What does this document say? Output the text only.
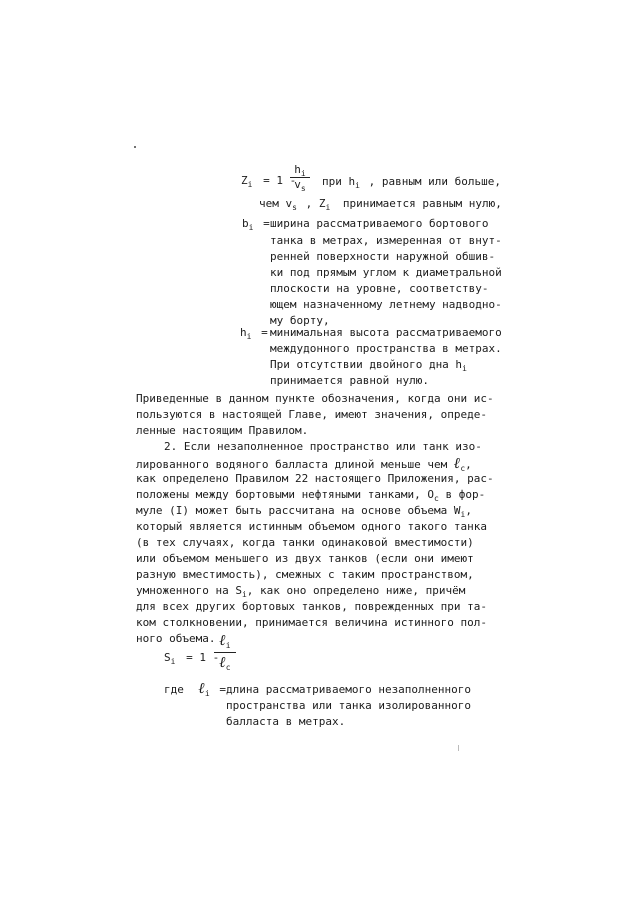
$Z_i = 1$ -
$h_i$
$v_s$
при $h_i$ , равным или больше,
чем $v_s$ , $Z_i$ принимается равным нулю,
$b_i$ = ширина рассматриваемого бортового
танка в метрах, измеренная от внут-
ренней поверхности наружной обшив-
ки под прямым углом к диаметральной
плоскости на уровне, соответству-
ющем назначенному летнему надводно-
му борту,
$h_i$ = минимальная высота рассматриваемого
междудонного пространства в метрах.
При отсутствии двойного дна $h_i$
принимается равной нулю.
Приведенные в данном пункте обозначения, когда они ис-
пользуются в настоящей Главе, имеют значения, опреде-
ленные настоящим Правилом.
2. Если незаполненное пространство или танк изо-
лированного водяного балласта длиной меньше чем ℓ$_c$,
как определено Правилом 22 настоящего Приложения, рас-
положены между бортовыми нефтяными танками, $O_c$ в фор-
муле (I) может быть рассчитана на основе объема $W_i$,
который является истинным объемом одного такого танка
(в тех случаях, когда танки одинаковой вместимости)
или объемом меньшего из двух танков (если они имеют
разную вместимость), смежных с таким пространством,
умноженного на $S_i$, как оно определено ниже, причём
для всех других бортовых танков, поврежденных при та-
ком столкновении, принимается величина истинного пол-
ного объема.
$S_i = 1$ -
ℓ$_i$
ℓ$_c$
где ℓ$_i$ = длина рассматриваемого незаполненного
пространства или танка изолированного
балласта в метрах.
